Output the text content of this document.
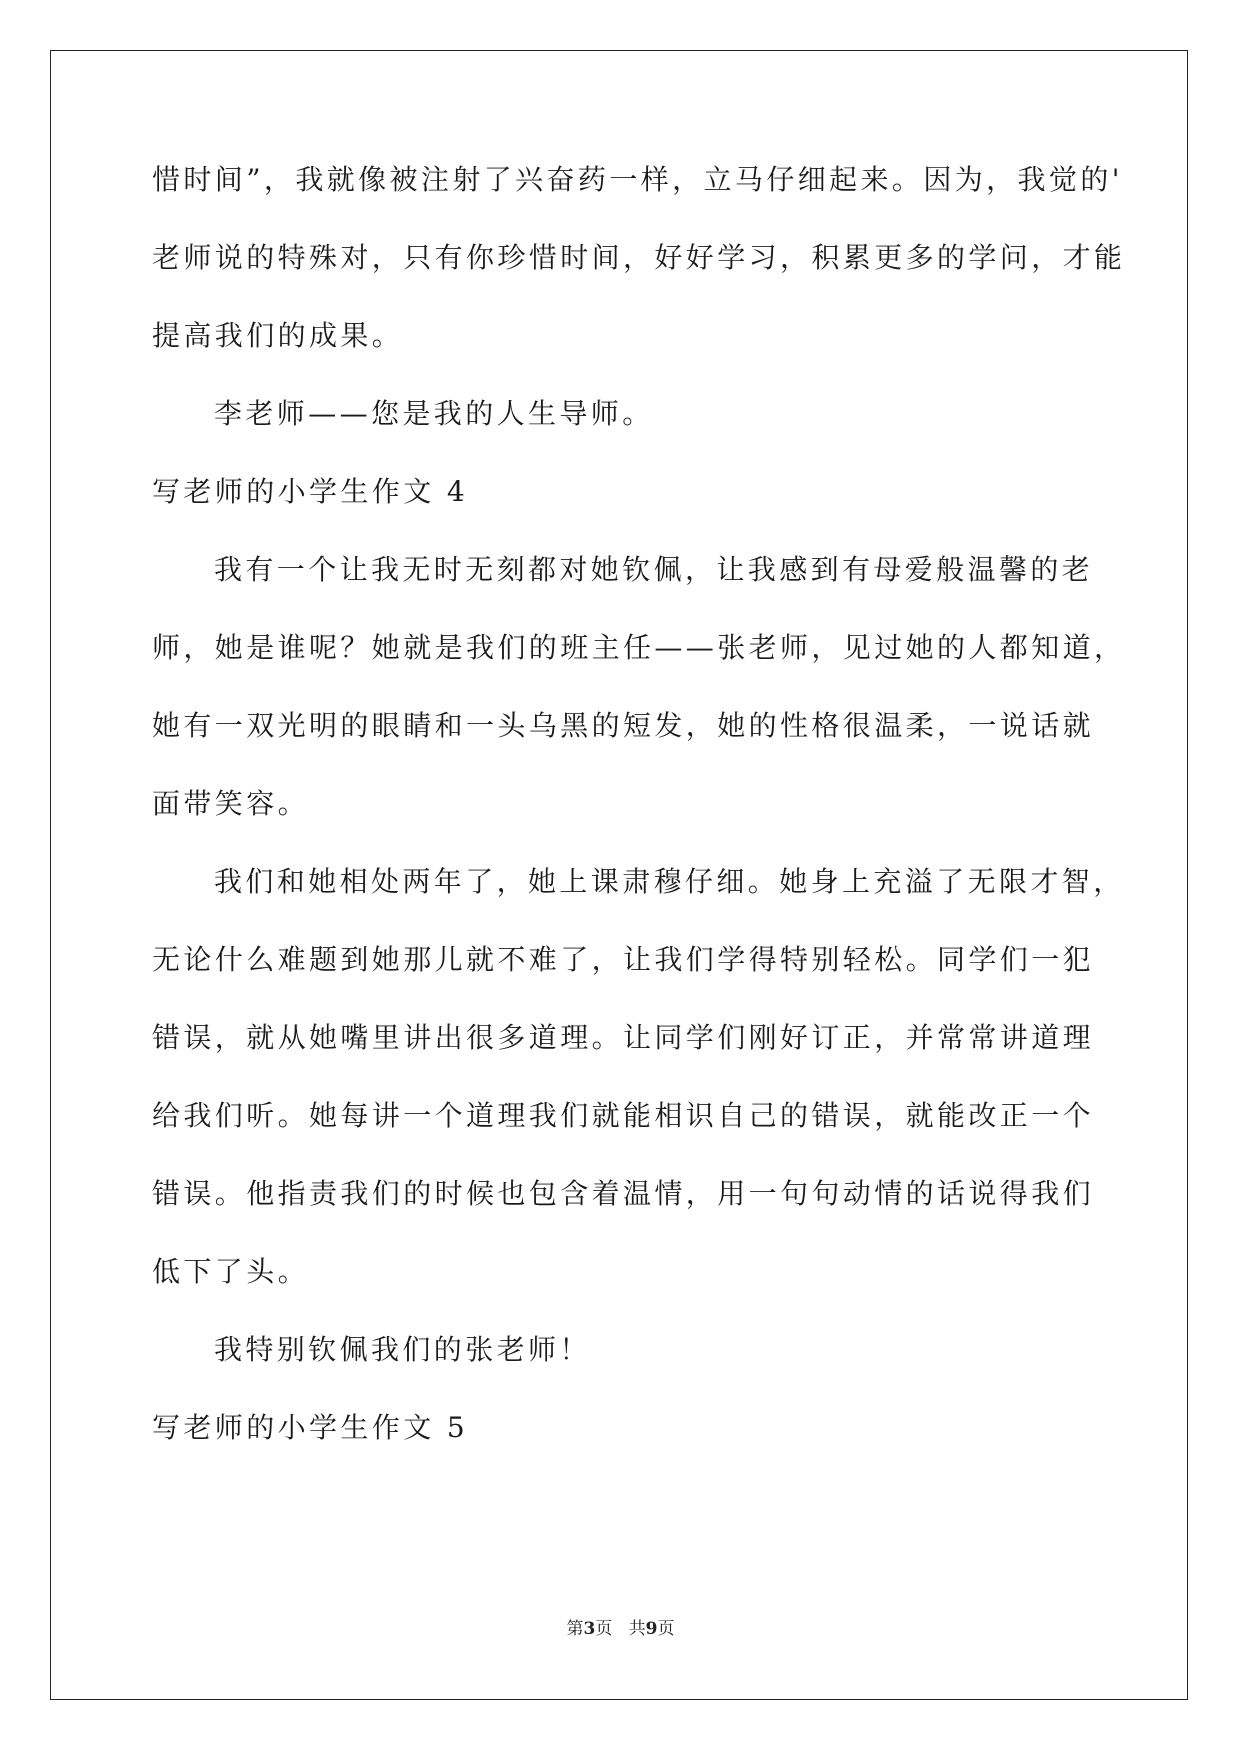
惜时间”，我就像被注射了兴奋药一样，立马仔细起来。因为，我觉的'
老师说的特殊对，只有你珍惜时间，好好学习，积累更多的学问，才能
提高我们的成果。
李老师——您是我的人生导师。
写老师的小学生作文 4
我有一个让我无时无刻都对她钦佩，让我感到有母爱般温馨的老
师，她是谁呢？她就是我们的班主任——张老师，见过她的人都知道，
她有一双光明的眼睛和一头乌黑的短发，她的性格很温柔，一说话就
面带笑容。
我们和她相处两年了，她上课肃穆仔细。她身上充溢了无限才智，
无论什么难题到她那儿就不难了，让我们学得特别轻松。同学们一犯
错误，就从她嘴里讲出很多道理。让同学们刚好订正，并常常讲道理
给我们听。她每讲一个道理我们就能相识自己的错误，就能改正一个
错误。他指责我们的时候也包含着温情，用一句句动情的话说得我们
低下了头。
我特别钦佩我们的张老师！
写老师的小学生作文 5
第3页 共9页
